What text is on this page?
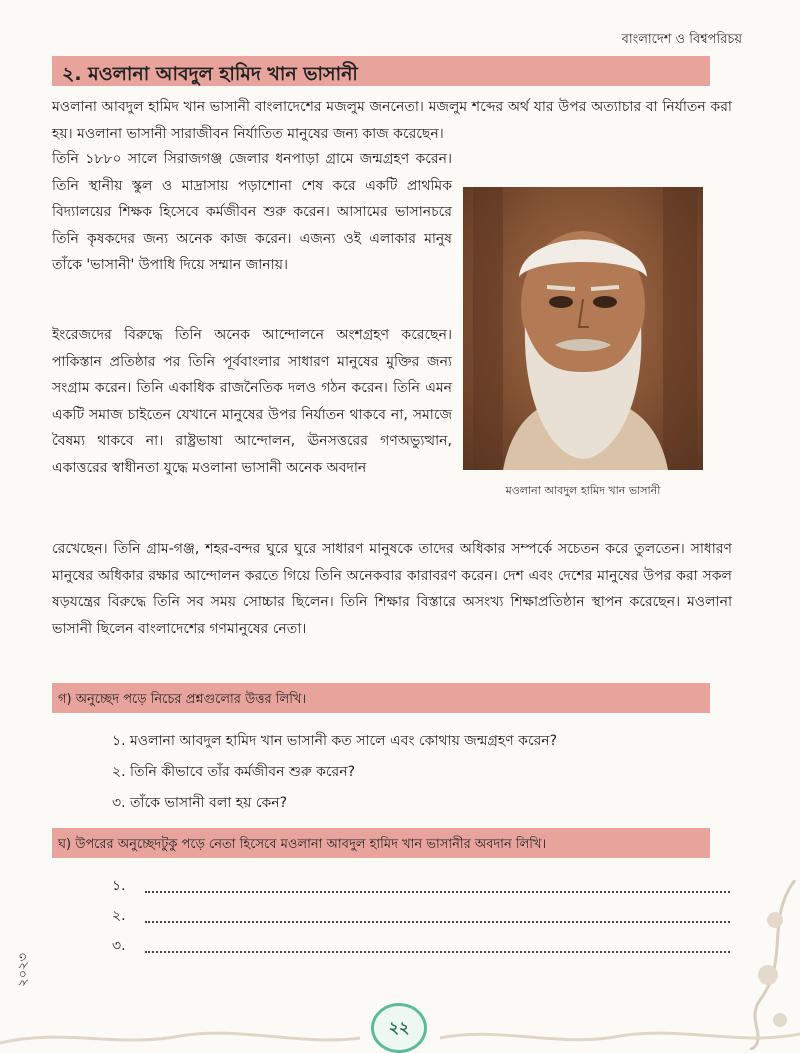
বাংলাদেশ ও বিশ্বপরিচয়
২. মওলানা আবদুল হামিদ খান ভাসানী

মওলানা আবদুল হামিদ খান ভাসানী বাংলাদেশের মজলুম জননেতা। মজলুম শব্দের অর্থ যার উপর অত্যাচার বা নির্যাতন করা হয়। মওলানা ভাসানী সারাজীবন নির্যাতিত মানুষের জন্য কাজ করেছেন।

তিনি ১৮৮০ সালে সিরাজগঞ্জ জেলার ধনপাড়া গ্রামে জন্মগ্রহণ করেন। তিনি স্থানীয় স্কুল ও মাদ্রাসায় পড়াশোনা শেষ করে একটি প্রাথমিক বিদ্যালয়ের শিক্ষক হিসেবে কর্মজীবন শুরু করেন। আসামের ভাসানচরে তিনি কৃষকদের জন্য অনেক কাজ করেন। এজন্য ওই এলাকার মানুষ তাঁকে 'ভাসানী' উপাধি দিয়ে সম্মান জানায়।

ইংরেজদের বিরুদ্ধে তিনি অনেক আন্দোলনে অংশগ্রহণ করেছেন। পাকিস্তান প্রতিষ্ঠার পর তিনি পূর্ববাংলার সাধারণ মানুষের মুক্তির জন্য সংগ্রাম করেন। তিনি একাধিক রাজনৈতিক দলও গঠন করেন। তিনি এমন একটি সমাজ চাইতেন যেখানে মানুষের উপর নির্যাতন থাকবে না, সমাজে বৈষম্য থাকবে না। রাষ্ট্রভাষা আন্দোলন, ঊনসত্তরের গণঅভ্যুত্থান, একাত্তরের স্বাধীনতা যুদ্ধে মওলানা ভাসানী অনেক অবদান

রেখেছেন। তিনি গ্রাম-গঞ্জ, শহর-বন্দর ঘুরে ঘুরে সাধারণ মানুষকে তাদের অধিকার সম্পর্কে সচেতন করে তুলতেন। সাধারণ মানুষের অধিকার রক্ষার আন্দোলন করতে গিয়ে তিনি অনেকবার কারাবরণ করেন। দেশ এবং দেশের মানুষের উপর করা সকল ষড়যন্ত্রের বিরুদ্ধে তিনি সব সময় সোচ্চার ছিলেন। তিনি শিক্ষার বিস্তারে অসংখ্য শিক্ষাপ্রতিষ্ঠান স্থাপন করেছেন। মওলানা ভাসানী ছিলেন বাংলাদেশের গণমানুষের নেতা।

মওলানা আবদুল হামিদ খান ভাসানী
গ) অনুচ্ছেদ পড়ে নিচের প্রশ্নগুলোর উত্তর লিখি।
১. মওলানা আবদুল হামিদ খান ভাসানী কত সালে এবং কোথায় জন্মগ্রহণ করেন?
২. তিনি কীভাবে তাঁর কর্মজীবন শুরু করেন?
৩. তাঁকে ভাসানী বলা হয় কেন?
ঘ) উপরের অনুচ্ছেদটুকু পড়ে নেতা হিসেবে মওলানা আবদুল হামিদ খান ভাসানীর অবদান লিখি।
১.
২.
৩.
২০২৩
২২
